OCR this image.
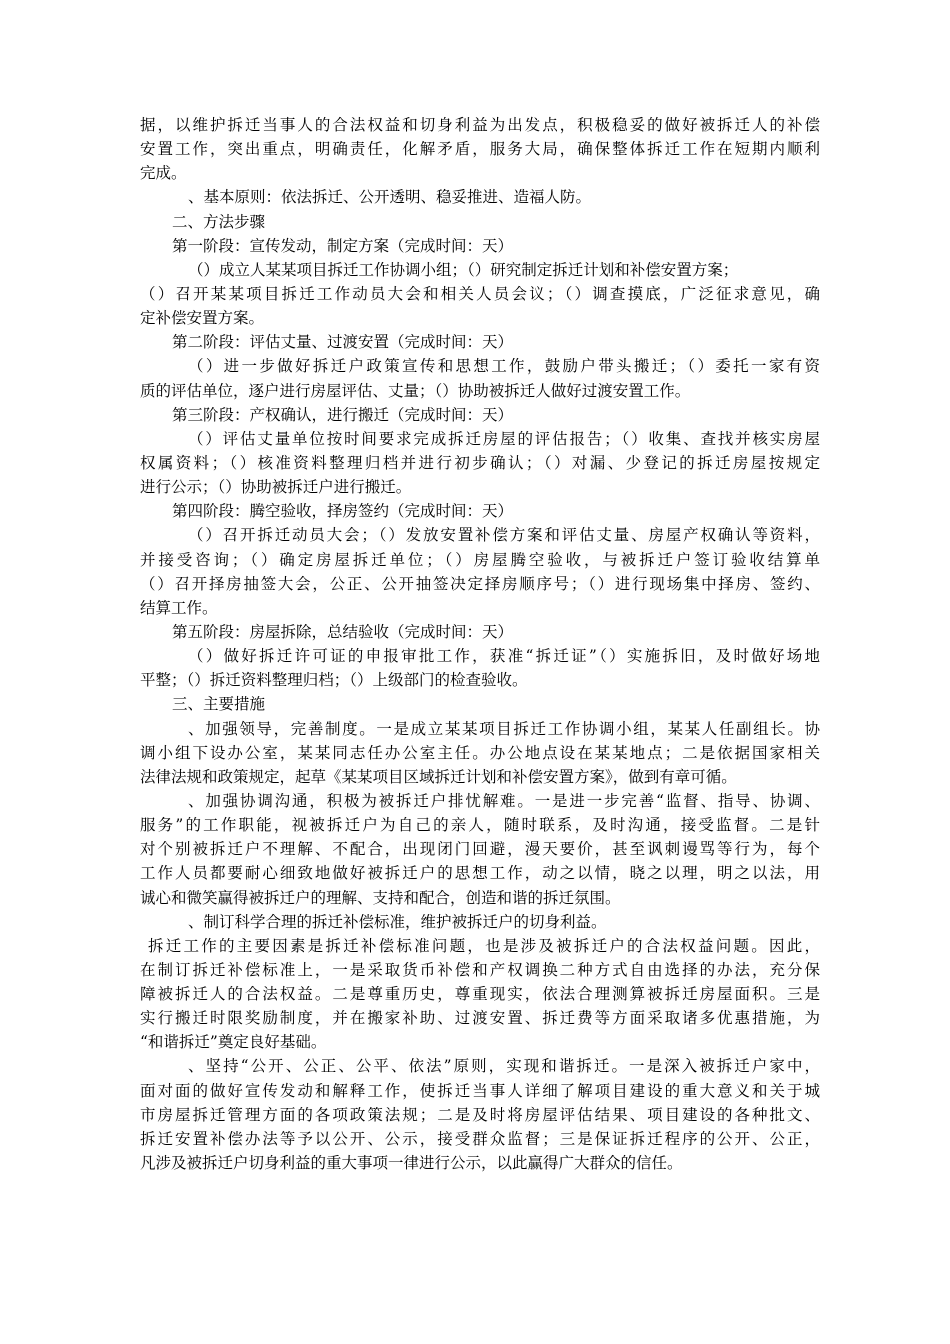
据，以维护拆迁当事人的合法权益和切身利益为出发点，积极稳妥的做好被拆迁人的补偿
安置工作，突出重点，明确责任，化解矛盾，服务大局，确保整体拆迁工作在短期内顺利
完成。
、基本原则：依法拆迁、公开透明、稳妥推进、造福人防。
二、方法步骤
第一阶段：宣传发动，制定方案（完成时间：天）
（）成立人某某项目拆迁工作协调小组；（）研究制定拆迁计划和补偿安置方案；
（）召开某某项目拆迁工作动员大会和相关人员会议；（）调查摸底，广泛征求意见，确
定补偿安置方案。
第二阶段：评估丈量、过渡安置（完成时间：天）
（）进一步做好拆迁户政策宣传和思想工作，鼓励户带头搬迁；（）委托一家有资
质的评估单位，逐户进行房屋评估、丈量；（）协助被拆迁人做好过渡安置工作。
第三阶段：产权确认，进行搬迁（完成时间：天）
（）评估丈量单位按时间要求完成拆迁房屋的评估报告；（）收集、查找并核实房屋
权属资料；（）核准资料整理归档并进行初步确认；（）对漏、少登记的拆迁房屋按规定
进行公示；（）协助被拆迁户进行搬迁。
第四阶段：腾空验收，择房签约（完成时间：天）
（）召开拆迁动员大会；（）发放安置补偿方案和评估丈量、房屋产权确认等资料，
并接受咨询；（）确定房屋拆迁单位；（）房屋腾空验收，与被拆迁户签订验收结算单
（）召开择房抽签大会，公正、公开抽签决定择房顺序号；（）进行现场集中择房、签约、
结算工作。
第五阶段：房屋拆除，总结验收（完成时间：天）
（）做好拆迁许可证的申报审批工作，获准“拆迁证”（）实施拆旧，及时做好场地
平整；（）拆迁资料整理归档；（）上级部门的检查验收。
三、主要措施
、加强领导，完善制度。一是成立某某项目拆迁工作协调小组，某某人任副组长。协
调小组下设办公室，某某同志任办公室主任。办公地点设在某某地点；二是依据国家相关
法律法规和政策规定，起草《某某项目区域拆迁计划和补偿安置方案》，做到有章可循。
、加强协调沟通，积极为被拆迁户排忧解难。一是进一步完善“监督、指导、协调、
服务”的工作职能，视被拆迁户为自己的亲人，随时联系，及时沟通，接受监督。二是针
对个别被拆迁户不理解、不配合，出现闭门回避，漫天要价，甚至讽刺谩骂等行为，每个
工作人员都要耐心细致地做好被拆迁户的思想工作，动之以情，晓之以理，明之以法，用
诚心和微笑赢得被拆迁户的理解、支持和配合，创造和谐的拆迁氛围。
、制订科学合理的拆迁补偿标准，维护被拆迁户的切身利益。
拆迁工作的主要因素是拆迁补偿标准问题，也是涉及被拆迁户的合法权益问题。因此，
在制订拆迁补偿标准上，一是采取货币补偿和产权调换二种方式自由选择的办法，充分保
障被拆迁人的合法权益。二是尊重历史，尊重现实，依法合理测算被拆迁房屋面积。三是
实行搬迁时限奖励制度，并在搬家补助、过渡安置、拆迁费等方面采取诸多优惠措施，为
“和谐拆迁”奠定良好基础。
、坚持“公开、公正、公平、依法”原则，实现和谐拆迁。一是深入被拆迁户家中，
面对面的做好宣传发动和解释工作，使拆迁当事人详细了解项目建设的重大意义和关于城
市房屋拆迁管理方面的各项政策法规；二是及时将房屋评估结果、项目建设的各种批文、
拆迁安置补偿办法等予以公开、公示，接受群众监督；三是保证拆迁程序的公开、公正，
凡涉及被拆迁户切身利益的重大事项一律进行公示，以此赢得广大群众的信任。
